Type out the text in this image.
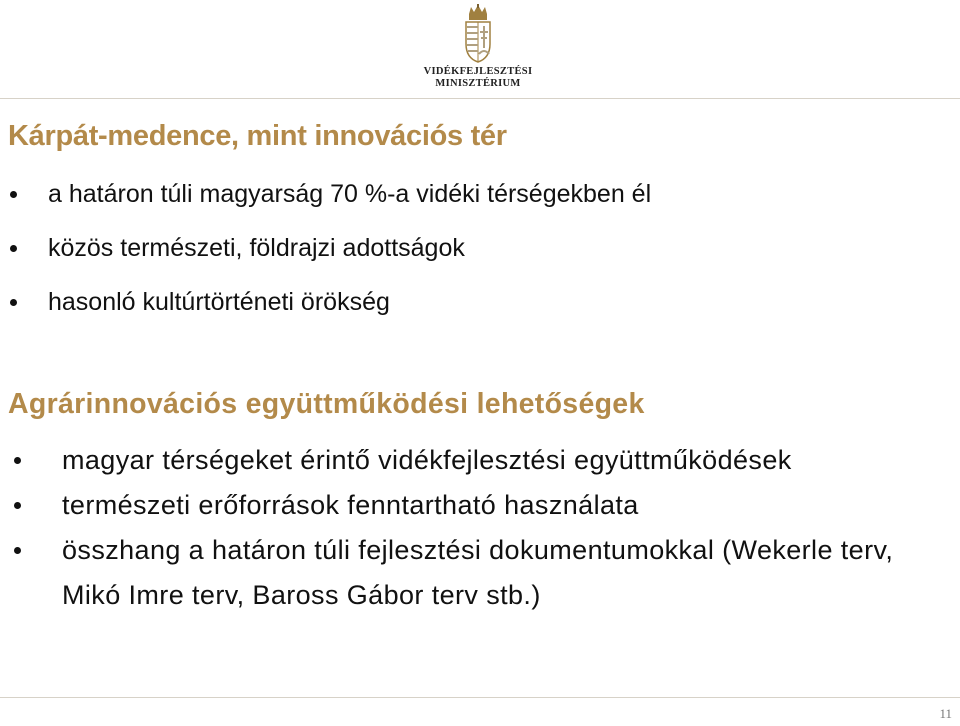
VIDÉKFEJLESZTÉSI
MINISZTÉRIUM
Kárpát-medence, mint innovációs tér
a határon túli magyarság 70 %-a vidéki térségekben él
közös természeti, földrajzi adottságok
hasonló kultúrtörténeti örökség
Agrárinnovációs együttműködési lehetőségek
magyar térségeket érintő vidékfejlesztési együttműködések
természeti erőforrások fenntartható használata
összhang a határon túli fejlesztési dokumentumokkal (Wekerle terv, Mikó Imre terv, Baross Gábor terv stb.)
11
